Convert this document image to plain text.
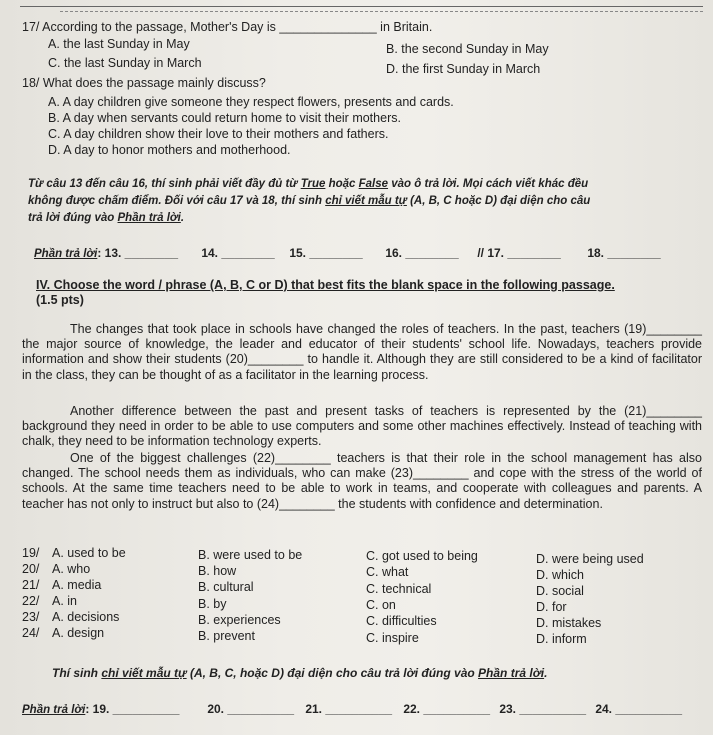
17/ According to the passage, Mother's Day is ______________ in Britain.
A. the last Sunday in May	B. the second Sunday in May
C. the last Sunday in March	D. the first Sunday in March
18/ What does the passage mainly discuss?
A. A day children give someone they respect flowers, presents and cards.
B. A day when servants could return home to visit their mothers.
C. A day children show their love to their mothers and fathers.
D. A day to honor mothers and motherhood.
Từ câu 13 đến câu 16, thí sinh phải viết đầy đủ từ True hoặc False vào ô trả lời. Mọi cách viết khác đều
không được chấm điểm. Đối với câu 17 và 18, thí sinh chỉ viết mẫu tự (A, B, C hoặc D) đại diện cho câu
trả lời đúng vào Phần trả lời.
Phần trả lời: 13. ________ 14. ________ 15. ________ 16. ________ // 17. ________ 18. ________
IV. Choose the word / phrase (A, B, C or D) that best fits the blank space in the following passage.
(1.5 pts)
The changes that took place in schools have changed the roles of teachers. In the past, teachers (19)________ the major source of knowledge, the leader and educator of their students' school life. Nowadays, teachers provide information and show their students (20)________ to handle it. Although they are still considered to be a kind of facilitator in the class, they can be thought of as a facilitator in the learning process.
Another difference between the past and present tasks of teachers is represented by the (21)________ background they need in order to be able to use computers and some other machines effectively. Instead of teaching with chalk, they need to be information technology experts.
One of the biggest challenges (22)________ teachers is that their role in the school management has also changed. The school needs them as individuals, who can make (23)________ and cope with the stress of the world of schools. At the same time teachers need to be able to work in teams, and cooperate with colleagues and parents. A teacher has not only to instruct but also to (24)________ the students with confidence and determination.
19/ A. used to be	B. were used to be	C. got used to being	D. were being used
20/ A. who	B. how	C. what	D. which
21/ A. media	B. cultural	C. technical	D. social
22/ A. in	B. by	C. on	D. for
23/ A. decisions	B. experiences	C. difficulties	D. mistakes
24/ A. design	B. prevent	C. inspire	D. inform
Thí sinh chỉ viết mẫu tự (A, B, C, hoặc D) đại diện cho câu trả lời đúng vào Phần trả lời.
Phần trả lời: 19. __________ 20. __________ 21. __________ 22. __________ 23. __________ 24. __________
